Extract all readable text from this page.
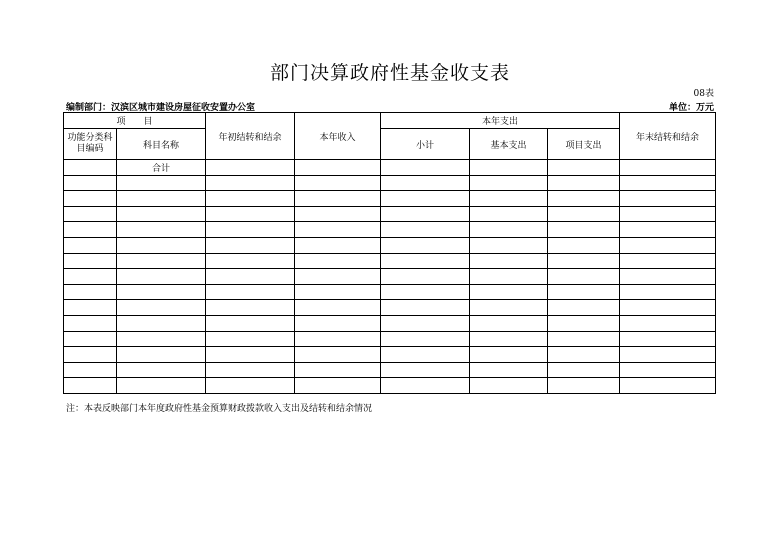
部门决算政府性基金收支表
08表
编制部门：汉滨区城市建设房屋征收安置办公室	单位：万元
项　　目		年初结转和结余	本年收入	本年支出			年末结转和结余
功能分类科目编码	科目名称			小计	基本支出	项目支出	
	合计						

注：本表反映部门本年度政府性基金预算财政拨款收入支出及结转和结余情况
